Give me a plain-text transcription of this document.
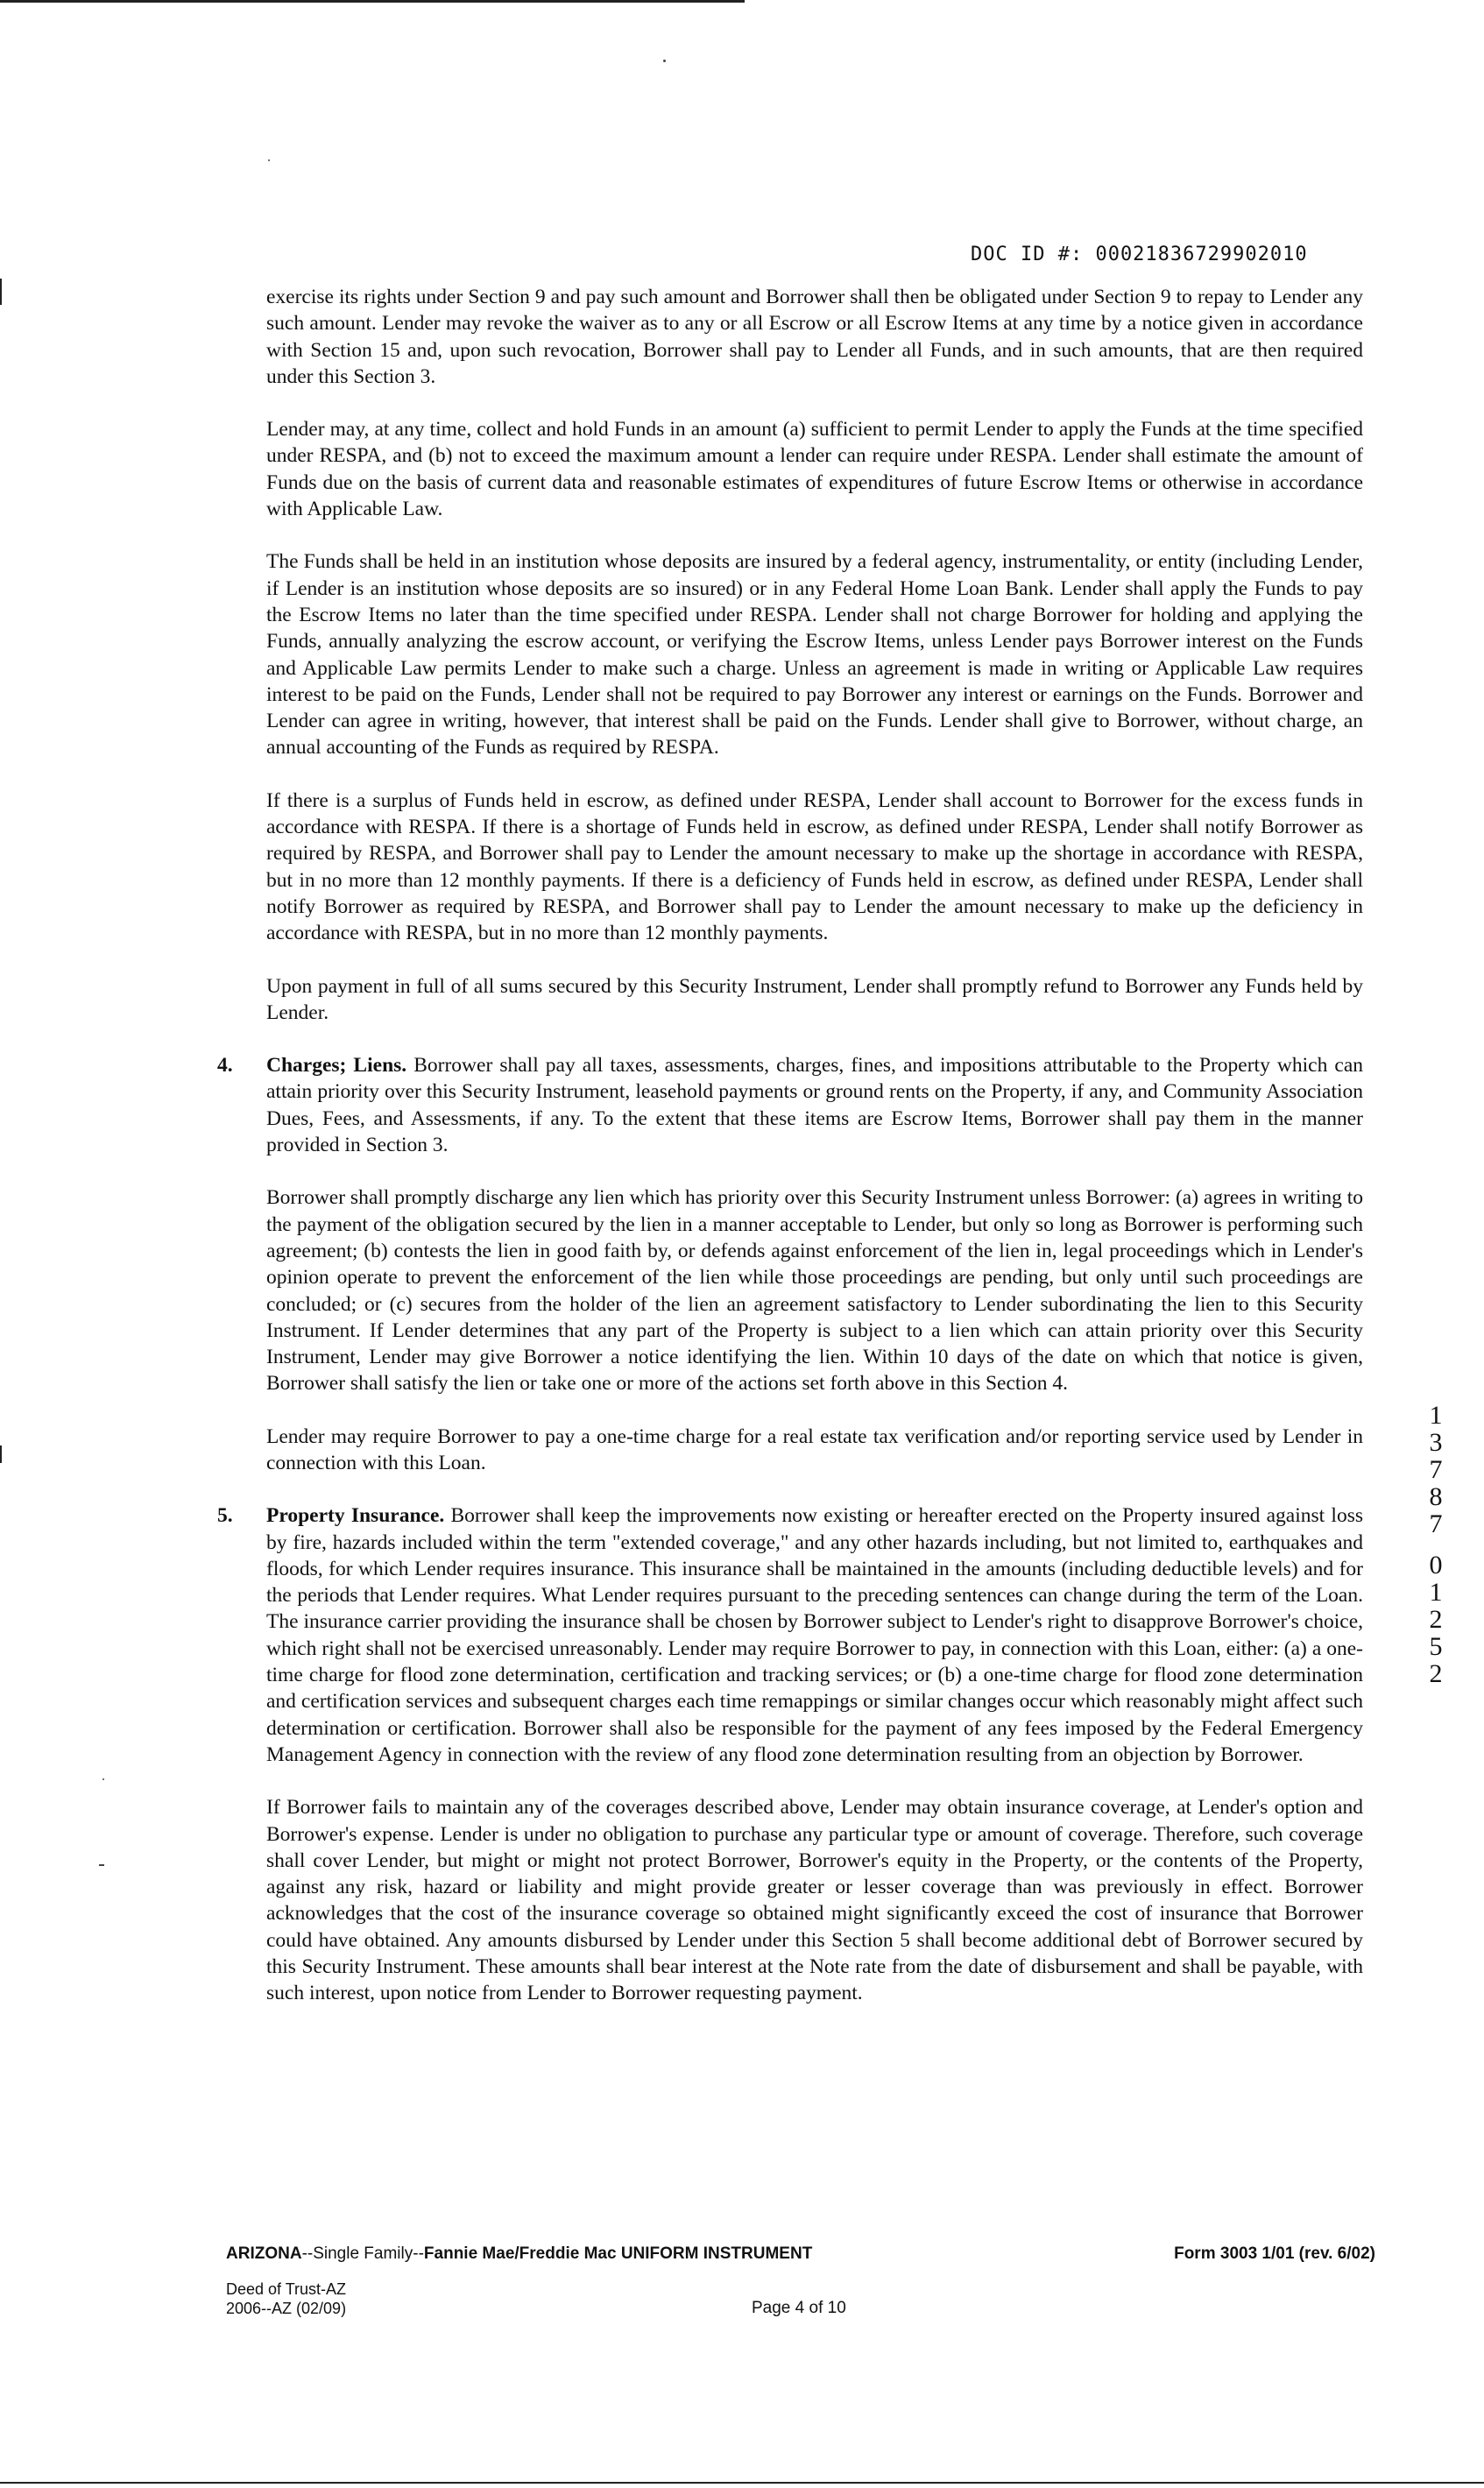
DOC ID #: 00021836729902010

exercise its rights under Section 9 and pay such amount and Borrower shall then be obligated under Section 9 to repay to Lender any such amount. Lender may revoke the waiver as to any or all Escrow or all Escrow Items at any time by a notice given in accordance with Section 15 and, upon such revocation, Borrower shall pay to Lender all Funds, and in such amounts, that are then required under this Section 3.

Lender may, at any time, collect and hold Funds in an amount (a) sufficient to permit Lender to apply the Funds at the time specified under RESPA, and (b) not to exceed the maximum amount a lender can require under RESPA. Lender shall estimate the amount of Funds due on the basis of current data and reasonable estimates of expenditures of future Escrow Items or otherwise in accordance with Applicable Law.

The Funds shall be held in an institution whose deposits are insured by a federal agency, instrumentality, or entity (including Lender, if Lender is an institution whose deposits are so insured) or in any Federal Home Loan Bank. Lender shall apply the Funds to pay the Escrow Items no later than the time specified under RESPA. Lender shall not charge Borrower for holding and applying the Funds, annually analyzing the escrow account, or verifying the Escrow Items, unless Lender pays Borrower interest on the Funds and Applicable Law permits Lender to make such a charge. Unless an agreement is made in writing or Applicable Law requires interest to be paid on the Funds, Lender shall not be required to pay Borrower any interest or earnings on the Funds. Borrower and Lender can agree in writing, however, that interest shall be paid on the Funds. Lender shall give to Borrower, without charge, an annual accounting of the Funds as required by RESPA.

If there is a surplus of Funds held in escrow, as defined under RESPA, Lender shall account to Borrower for the excess funds in accordance with RESPA. If there is a shortage of Funds held in escrow, as defined under RESPA, Lender shall notify Borrower as required by RESPA, and Borrower shall pay to Lender the amount necessary to make up the shortage in accordance with RESPA, but in no more than 12 monthly payments. If there is a deficiency of Funds held in escrow, as defined under RESPA, Lender shall notify Borrower as required by RESPA, and Borrower shall pay to Lender the amount necessary to make up the deficiency in accordance with RESPA, but in no more than 12 monthly payments.

Upon payment in full of all sums secured by this Security Instrument, Lender shall promptly refund to Borrower any Funds held by Lender.

4. Charges; Liens. Borrower shall pay all taxes, assessments, charges, fines, and impositions attributable to the Property which can attain priority over this Security Instrument, leasehold payments or ground rents on the Property, if any, and Community Association Dues, Fees, and Assessments, if any. To the extent that these items are Escrow Items, Borrower shall pay them in the manner provided in Section 3.

Borrower shall promptly discharge any lien which has priority over this Security Instrument unless Borrower: (a) agrees in writing to the payment of the obligation secured by the lien in a manner acceptable to Lender, but only so long as Borrower is performing such agreement; (b) contests the lien in good faith by, or defends against enforcement of the lien in, legal proceedings which in Lender's opinion operate to prevent the enforcement of the lien while those proceedings are pending, but only until such proceedings are concluded; or (c) secures from the holder of the lien an agreement satisfactory to Lender subordinating the lien to this Security Instrument. If Lender determines that any part of the Property is subject to a lien which can attain priority over this Security Instrument, Lender may give Borrower a notice identifying the lien. Within 10 days of the date on which that notice is given, Borrower shall satisfy the lien or take one or more of the actions set forth above in this Section 4.

Lender may require Borrower to pay a one-time charge for a real estate tax verification and/or reporting service used by Lender in connection with this Loan.

5. Property Insurance. Borrower shall keep the improvements now existing or hereafter erected on the Property insured against loss by fire, hazards included within the term "extended coverage," and any other hazards including, but not limited to, earthquakes and floods, for which Lender requires insurance. This insurance shall be maintained in the amounts (including deductible levels) and for the periods that Lender requires. What Lender requires pursuant to the preceding sentences can change during the term of the Loan. The insurance carrier providing the insurance shall be chosen by Borrower subject to Lender's right to disapprove Borrower's choice, which right shall not be exercised unreasonably. Lender may require Borrower to pay, in connection with this Loan, either: (a) a one-time charge for flood zone determination, certification and tracking services; or (b) a one-time charge for flood zone determination and certification services and subsequent charges each time remappings or similar changes occur which reasonably might affect such determination or certification. Borrower shall also be responsible for the payment of any fees imposed by the Federal Emergency Management Agency in connection with the review of any flood zone determination resulting from an objection by Borrower.

If Borrower fails to maintain any of the coverages described above, Lender may obtain insurance coverage, at Lender's option and Borrower's expense. Lender is under no obligation to purchase any particular type or amount of coverage. Therefore, such coverage shall cover Lender, but might or might not protect Borrower, Borrower's equity in the Property, or the contents of the Property, against any risk, hazard or liability and might provide greater or lesser coverage than was previously in effect. Borrower acknowledges that the cost of the insurance coverage so obtained might significantly exceed the cost of insurance that Borrower could have obtained. Any amounts disbursed by Lender under this Section 5 shall become additional debt of Borrower secured by this Security Instrument. These amounts shall bear interest at the Note rate from the date of disbursement and shall be payable, with such interest, upon notice from Lender to Borrower requesting payment.

1
3
7
8
7
0
1
2
5
2
ARIZONA--Single Family--Fannie Mae/Freddie Mac UNIFORM INSTRUMENT	Form 3003 1/01 (rev. 6/02)
Deed of Trust-AZ
2006--AZ (02/09)	Page 4 of 10
